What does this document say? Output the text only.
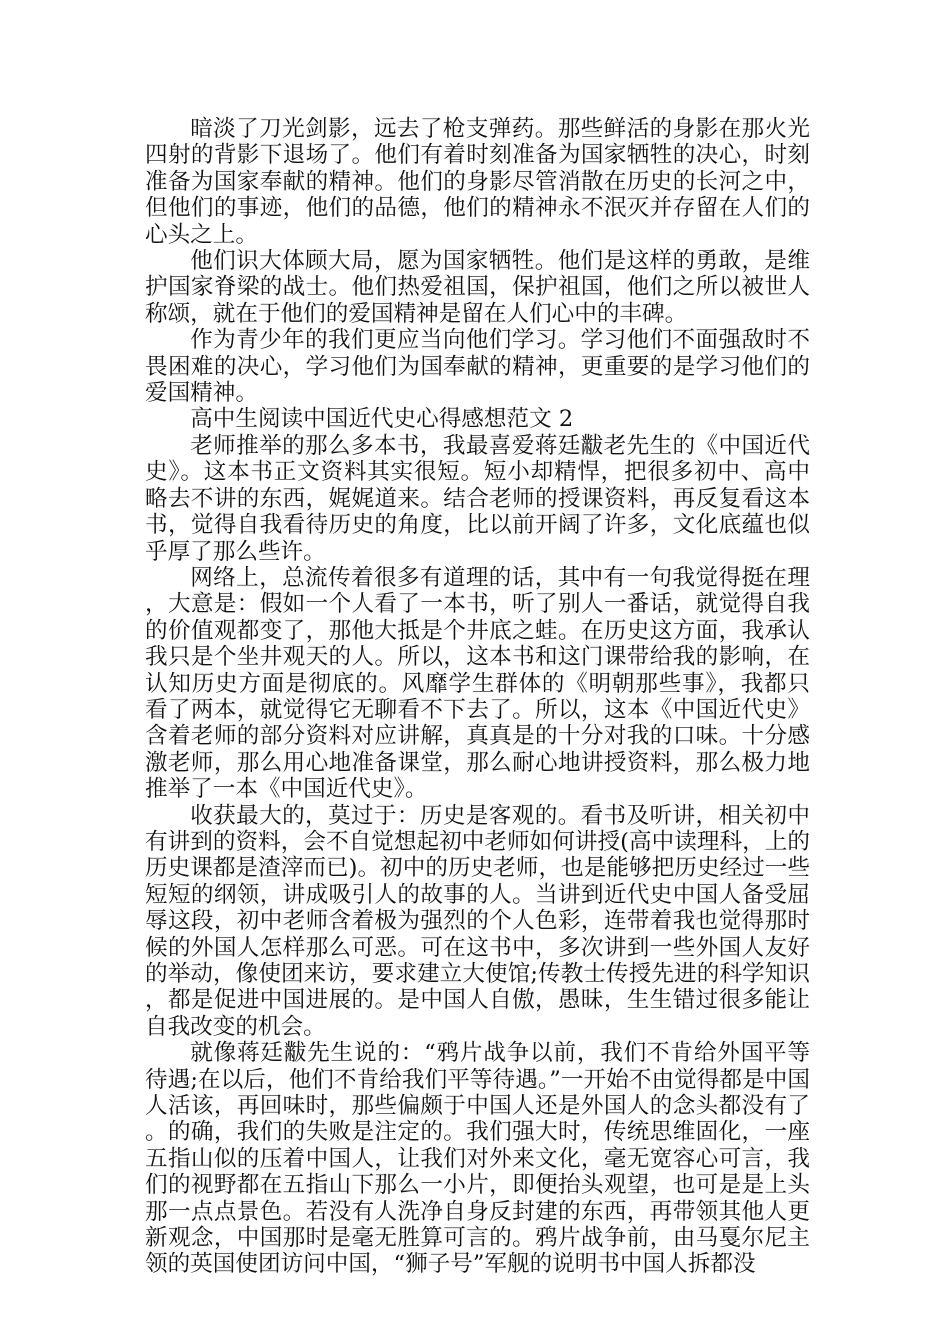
暗淡了刀光剑影，远去了枪支弹药。那些鲜活的身影在那火光四射的背影下退场了。他们有着时刻准备为国家牺牲的决心，时刻准备为国家奉献的精神。他们的身影尽管消散在历史的长河之中，但他们的事迹，他们的品德，他们的精神永不泯灭并存留在人们的心头之上。

他们识大体顾大局，愿为国家牺牲。他们是这样的勇敢，是维护国家脊梁的战士。他们热爱祖国，保护祖国，他们之所以被世人称颂，就在于他们的爱国精神是留在人们心中的丰碑。

作为青少年的我们更应当向他们学习。学习他们不面强敌时不畏困难的决心，学习他们为国奉献的精神，更重要的是学习他们的爱国精神。

高中生阅读中国近代史心得感想范文 2

老师推举的那么多本书，我最喜爱蒋廷黻老先生的《中国近代史》。这本书正文资料其实很短。短小却精悍，把很多初中、高中略去不讲的东西，娓娓道来。结合老师的授课资料，再反复看这本书，觉得自我看待历史的角度，比以前开阔了许多，文化底蕴也似乎厚了那么些许。

网络上，总流传着很多有道理的话，其中有一句我觉得挺在理，大意是：假如一个人看了一本书，听了别人一番话，就觉得自我的价值观都变了，那他大抵是个井底之蛙。在历史这方面，我承认我只是个坐井观天的人。所以，这本书和这门课带给我的影响，在认知历史方面是彻底的。风靡学生群体的《明朝那些事》，我都只看了两本，就觉得它无聊看不下去了。所以，这本《中国近代史》含着老师的部分资料对应讲解，真真是的十分对我的口味。十分感激老师，那么用心地准备课堂，那么耐心地讲授资料，那么极力地推举了一本《中国近代史》。

收获最大的，莫过于：历史是客观的。看书及听讲，相关初中有讲到的资料，会不自觉想起初中老师如何讲授(高中读理科，上的历史课都是渣滓而已)。初中的历史老师，也是能够把历史经过一些短短的纲领，讲成吸引人的故事的人。当讲到近代史中国人备受屈辱这段，初中老师含着极为强烈的个人色彩，连带着我也觉得那时候的外国人怎样那么可恶。可在这书中，多次讲到一些外国人友好的举动，像使团来访，要求建立大使馆;传教士传授先进的科学知识，都是促进中国进展的。是中国人自傲，愚昧，生生错过很多能让自我改变的机会。

就像蒋廷黻先生说的：“鸦片战争以前，我们不肯给外国平等待遇;在以后，他们不肯给我们平等待遇。”一开始不由觉得都是中国人活该，再回味时，那些偏颇于中国人还是外国人的念头都没有了。的确，我们的失败是注定的。我们强大时，传统思维固化，一座五指山似的压着中国人，让我们对外来文化，毫无宽容心可言，我们的视野都在五指山下那么一小片，即便抬头观望，也可是是上头那一点点景色。若没有人洗净自身反封建的东西，再带领其他人更新观念，中国那时是毫无胜算可言的。鸦片战争前，由马戛尔尼主领的英国使团访问中国，“狮子号”军舰的说明书中国人拆都没
